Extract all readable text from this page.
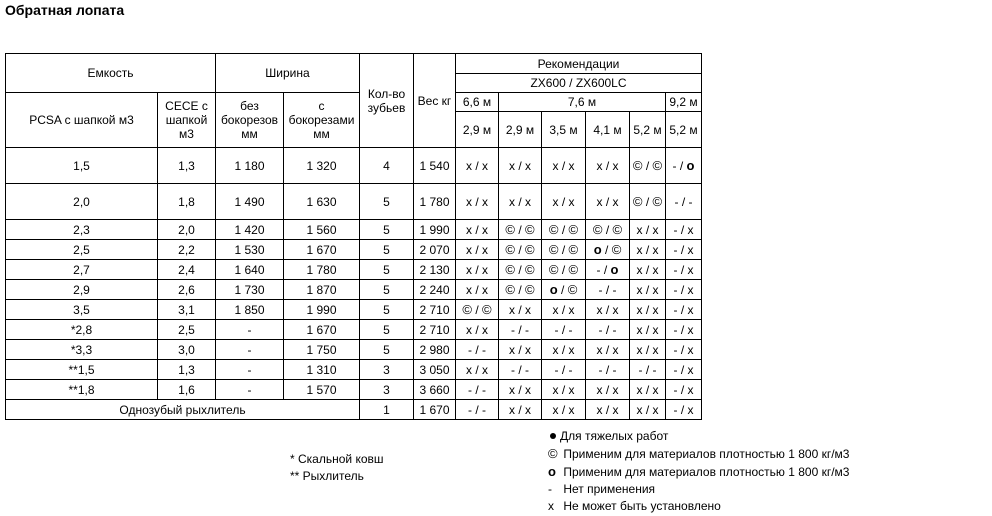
Обратная лопата
Емкость		Ширина		Кол-во зубьев	Вес кг	Рекомендации					
						ZX600 / ZX600LC					
PCSA с шапкой м3	CECE с шапкой м3	без бокорезов мм	с бокорезами мм			6,6 м	7,6 м				9,2 м
						2,9 м	2,9 м	3,5 м	4,1 м	5,2 м	5,2 м
1,5	1,3	1 180	1 320	4	1 540	x / x	x / x	x / x	x / x	© / ©	- / o
2,0	1,8	1 490	1 630	5	1 780	x / x	x / x	x / x	x / x	© / ©	- / -
2,3	2,0	1 420	1 560	5	1 990	x / x	© / ©	© / ©	© / ©	x / x	- / x
2,5	2,2	1 530	1 670	5	2 070	x / x	© / ©	© / ©	o / ©	x / x	- / x
2,7	2,4	1 640	1 780	5	2 130	x / x	© / ©	© / ©	- / o	x / x	- / x
2,9	2,6	1 730	1 870	5	2 240	x / x	© / ©	o / ©	- / -	x / x	- / x
3,5	3,1	1 850	1 990	5	2 710	© / ©	x / x	x / x	x / x	x / x	- / x
*2,8	2,5	-	1 670	5	2 710	x / x	- / -	- / -	- / -	x / x	- / x
*3,3	3,0	-	1 750	5	2 980	- / -	x / x	x / x	x / x	x / x	- / x
**1,5	1,3	-	1 310	3	3 050	x / x	- / -	- / -	- / -	- / -	- / x
**1,8	1,6	-	1 570	3	3 660	- / -	x / x	x / x	x / x	x / x	- / x
Однозубый рыхлитель				1	1 670	- / -	x / x	x / x	x / x	x / x	- / x
* Скальной ковш
** Рыхлитель
Для тяжелых работ
© Применим для материалов плотностью 1 800 кг/м3
o Применим для материалов плотностью 1 800 кг/м3
- Нет применения
x Не может быть установлено
